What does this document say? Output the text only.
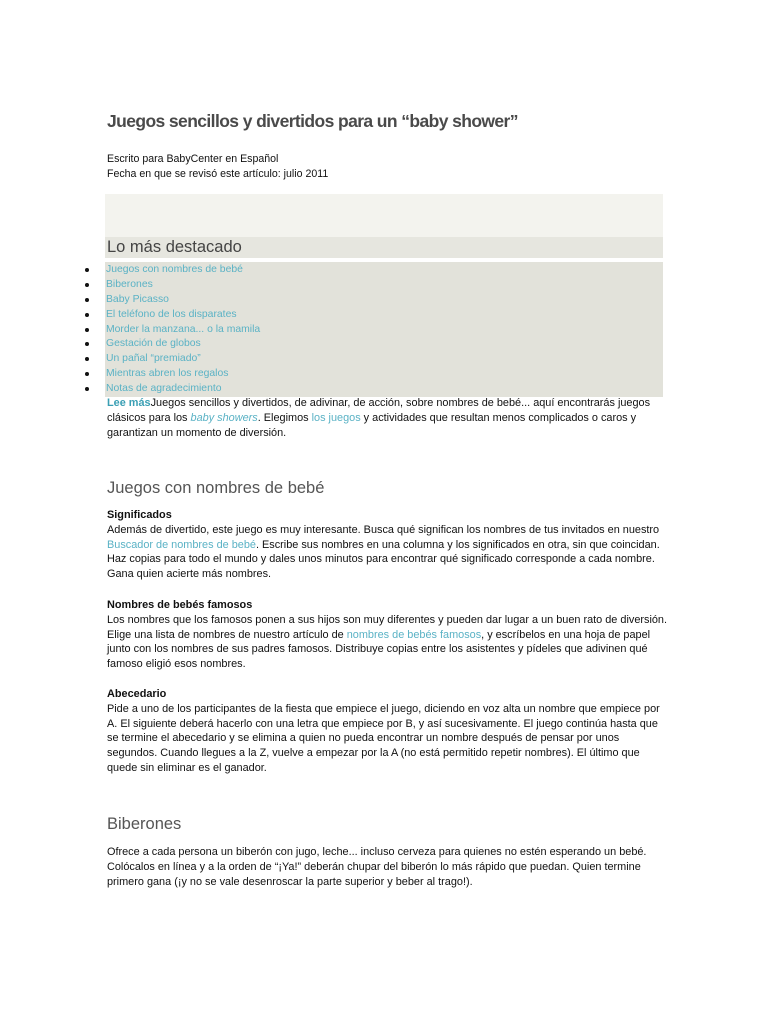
Juegos sencillos y divertidos para un “baby shower”
Escrito para BabyCenter en Español
Fecha en que se revisó este artículo: julio 2011
Lo más destacado
Juegos con nombres de bebé
Biberones
Baby Picasso
El teléfono de los disparates
Morder la manzana... o la mamila
Gestación de globos
Un pañal “premiado”
Mientras abren los regalos
Notas de agradecimiento

Lee másJuegos sencillos y divertidos, de adivinar, de acción, sobre nombres de bebé... aquí encontrarás juegos clásicos para los baby showers. Elegimos los juegos y actividades que resultan menos complicados o caros y garantizan un momento de diversión.

Juegos con nombres de bebé
Significados

Además de divertido, este juego es muy interesante. Busca qué significan los nombres de tus invitados en nuestro Buscador de nombres de bebé. Escribe sus nombres en una columna y los significados en otra, sin que coincidan. Haz copias para todo el mundo y dales unos minutos para encontrar qué significado corresponde a cada nombre. Gana quien acierte más nombres.

Nombres de bebés famosos

Los nombres que los famosos ponen a sus hijos son muy diferentes y pueden dar lugar a un buen rato de diversión. Elige una lista de nombres de nuestro artículo de nombres de bebés famosos, y escríbelos en una hoja de papel junto con los nombres de sus padres famosos. Distribuye copias entre los asistentes y pídeles que adivinen qué famoso eligió esos nombres.

Abecedario

Pide a uno de los participantes de la fiesta que empiece el juego, diciendo en voz alta un nombre que empiece por A. El siguiente deberá hacerlo con una letra que empiece por B, y así sucesivamente. El juego continúa hasta que se termine el abecedario y se elimina a quien no pueda encontrar un nombre después de pensar por unos segundos. Cuando llegues a la Z, vuelve a empezar por la A (no está permitido repetir nombres). El último que quede sin eliminar es el ganador.

Biberones

Ofrece a cada persona un biberón con jugo, leche... incluso cerveza para quienes no estén esperando un bebé. Colócalos en línea y a la orden de “¡Ya!” deberán chupar del biberón lo más rápido que puedan. Quien termine primero gana (¡y no se vale desenroscar la parte superior y beber al trago!).
